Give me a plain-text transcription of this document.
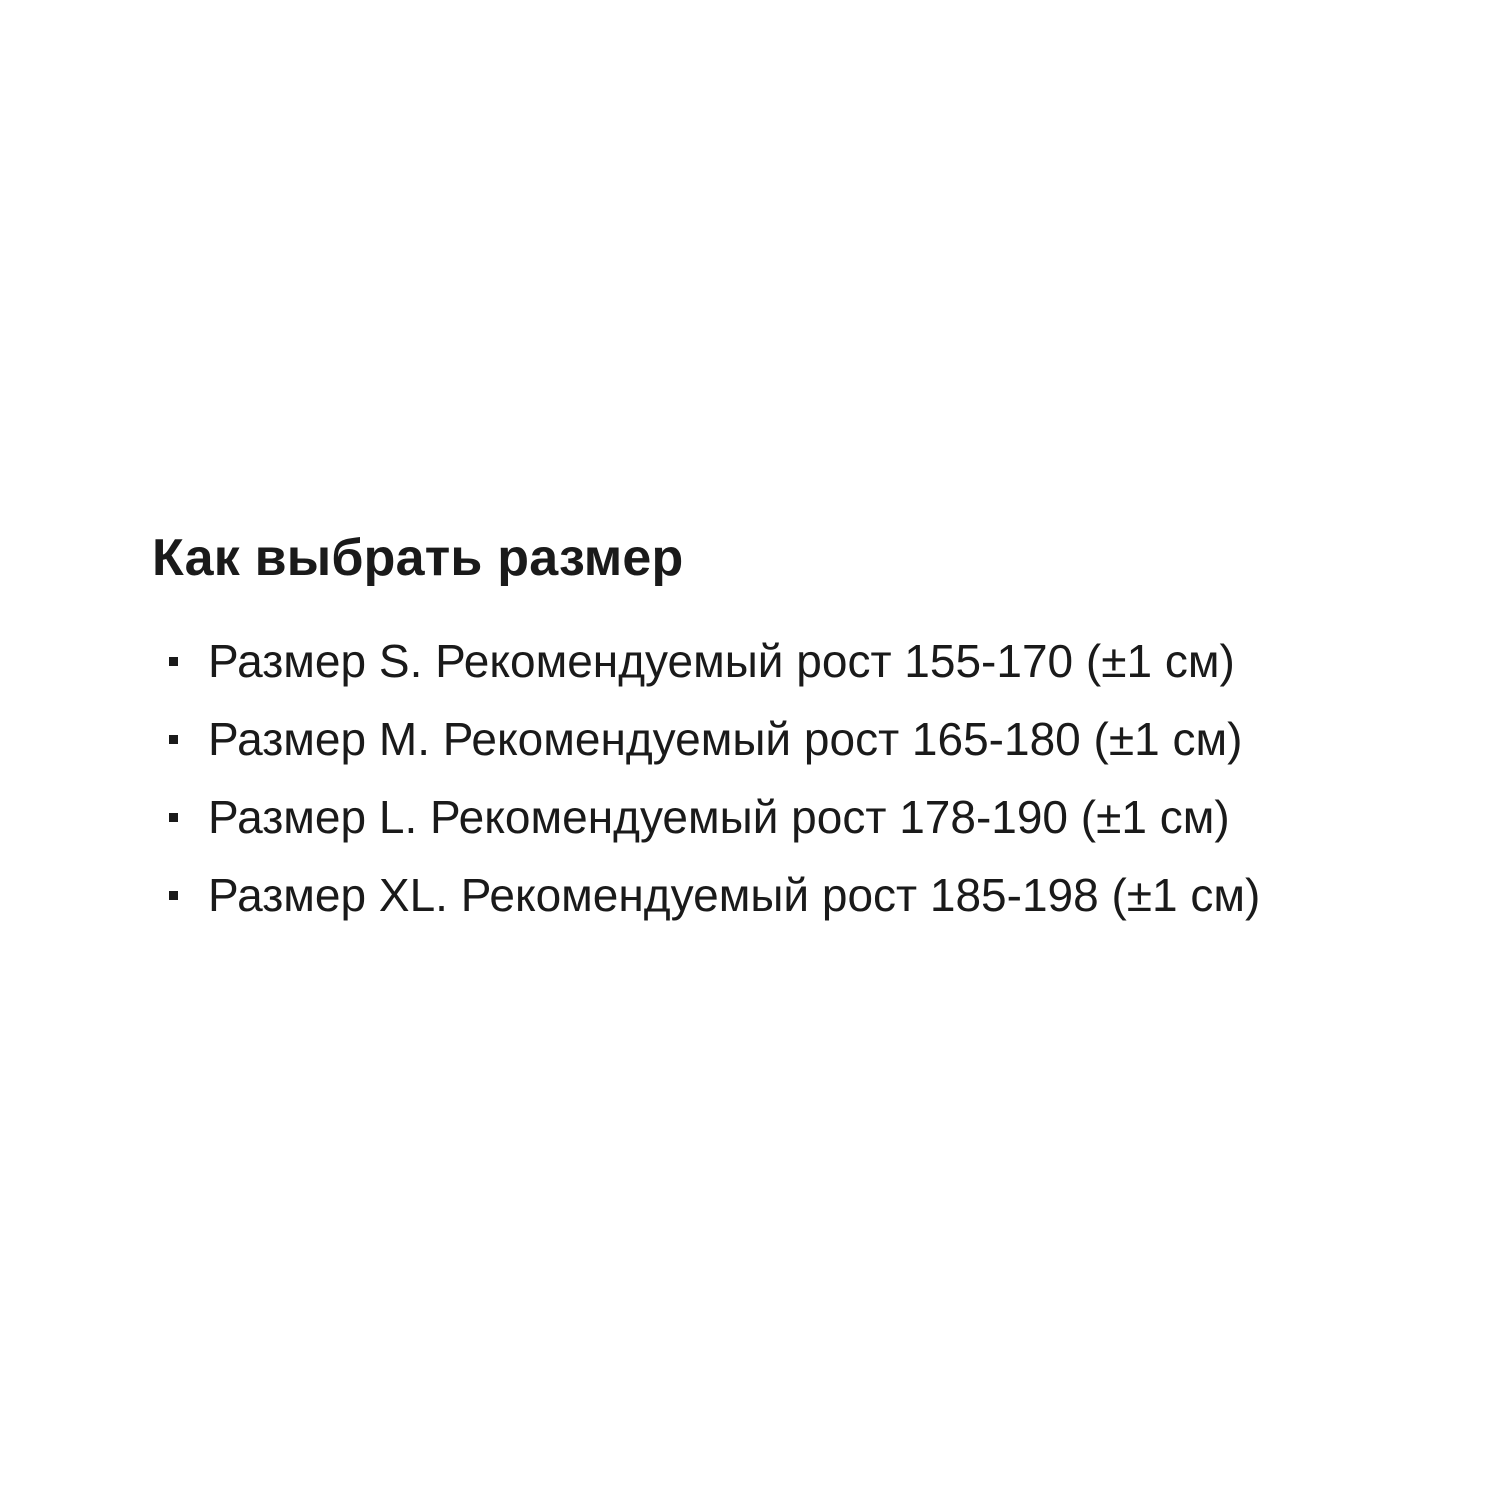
Как выбрать размер
Размер S. Рекомендуемый рост 155-170 (±1 см)
Размер M. Рекомендуемый рост 165-180 (±1 см)
Размер L. Рекомендуемый рост 178-190 (±1 см)
Размер XL. Рекомендуемый рост 185-198 (±1 см)
